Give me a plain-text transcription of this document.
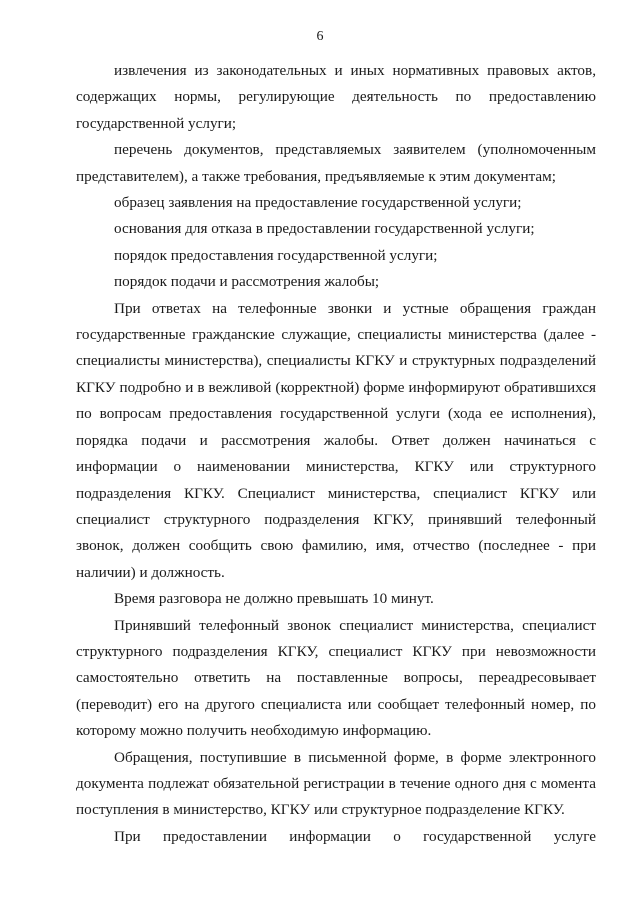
6

извлечения из законодательных и иных нормативных правовых актов, содержащих нормы, регулирующие деятельность по предоставлению государственной услуги;

перечень документов, представляемых заявителем (уполномоченным представителем), а также требования, предъявляемые к этим документам;

образец заявления на предоставление государственной услуги;

основания для отказа в предоставлении государственной услуги;

порядок предоставления государственной услуги;

порядок подачи и рассмотрения жалобы;

При ответах на телефонные звонки и устные обращения граждан государственные гражданские служащие, специалисты министерства (далее - специалисты министерства), специалисты КГКУ и структурных подразделений КГКУ подробно и в вежливой (корректной) форме информируют обратившихся по вопросам предоставления государственной услуги (хода ее исполнения), порядка подачи и рассмотрения жалобы. Ответ должен начинаться с информации о наименовании министерства, КГКУ или структурного подразделения КГКУ. Специалист министерства, специалист КГКУ или специалист структурного подразделения КГКУ, принявший телефонный звонок, должен сообщить свою фамилию, имя, отчество (последнее - при наличии) и должность.

Время разговора не должно превышать 10 минут.

Принявший телефонный звонок специалист министерства, специалист структурного подразделения КГКУ, специалист КГКУ при невозможности самостоятельно ответить на поставленные вопросы, переадресовывает (переводит) его на другого специалиста или сообщает телефонный номер, по которому можно получить необходимую информацию.

Обращения, поступившие в письменной форме, в форме электронного документа подлежат обязательной регистрации в течение одного дня с момента поступления в министерство, КГКУ или структурное подразделение КГКУ.

При предоставлении информации о государственной услуге
